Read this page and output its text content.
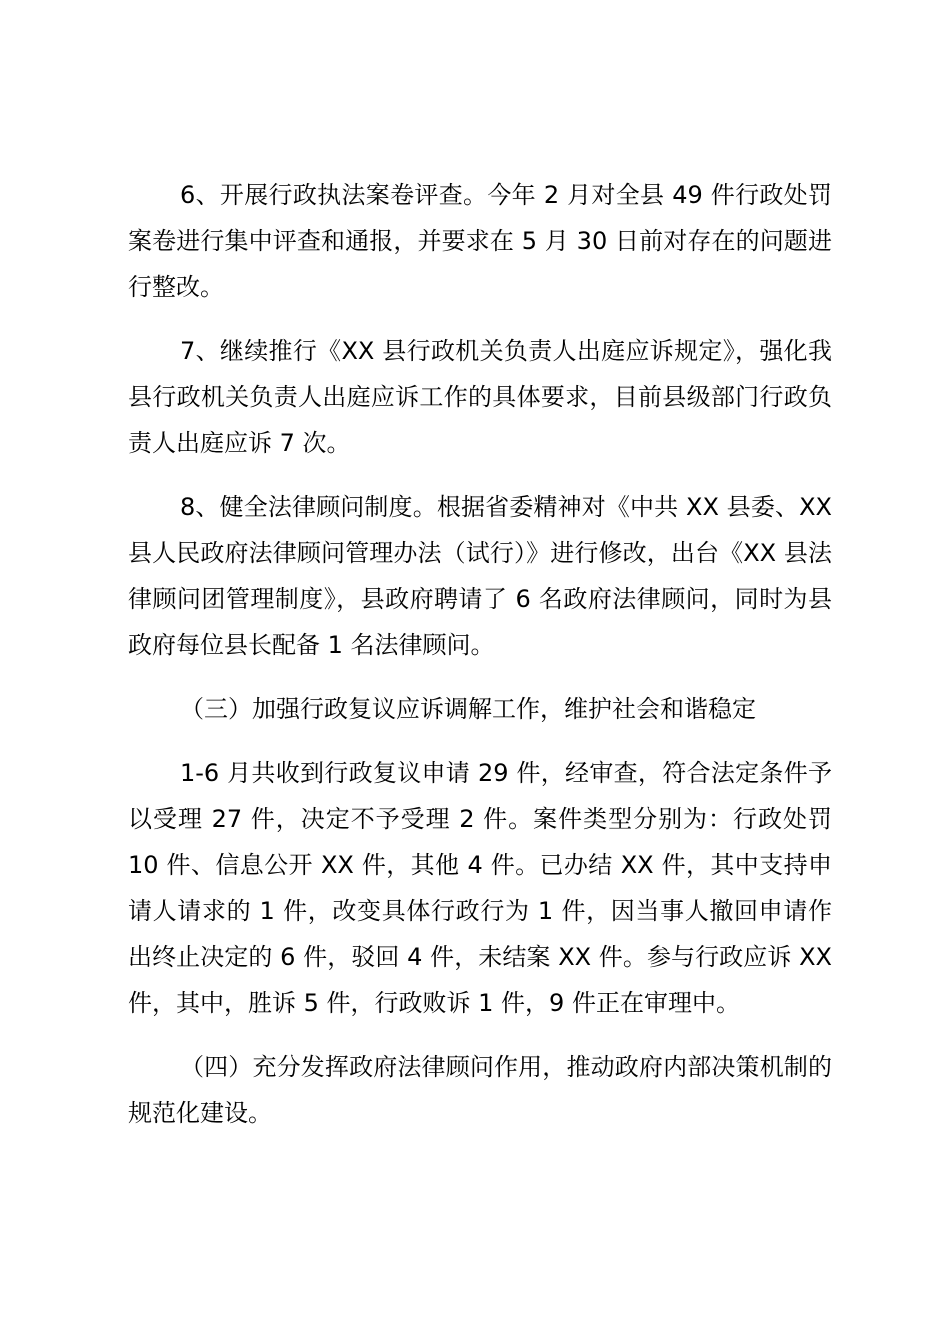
6、开展行政执法案卷评查。今年 2 月对全县 49 件行政处罚案卷进行集中评查和通报，并要求在 5 月 30 日前对存在的问题进行整改。

7、继续推行《XX 县行政机关负责人出庭应诉规定》，强化我县行政机关负责人出庭应诉工作的具体要求，目前县级部门行政负责人出庭应诉 7 次。

8、健全法律顾问制度。根据省委精神对《中共 XX 县委、XX 县人民政府法律顾问管理办法（试行）》进行修改，出台《XX 县法律顾问团管理制度》，县政府聘请了 6 名政府法律顾问，同时为县政府每位县长配备 1 名法律顾问。

（三）加强行政复议应诉调解工作，维护社会和谐稳定

1-6 月共收到行政复议申请 29 件，经审查，符合法定条件予以受理 27 件，决定不予受理 2 件。案件类型分别为：行政处罚 10 件、信息公开 XX 件，其他 4 件。已办结 XX 件，其中支持申请人请求的 1 件，改变具体行政行为 1 件，因当事人撤回申请作出终止决定的 6 件，驳回 4 件，未结案 XX 件。参与行政应诉 XX 件，其中，胜诉 5 件，行政败诉 1 件，9 件正在审理中。

（四）充分发挥政府法律顾问作用，推动政府内部决策机制的规范化建设。
